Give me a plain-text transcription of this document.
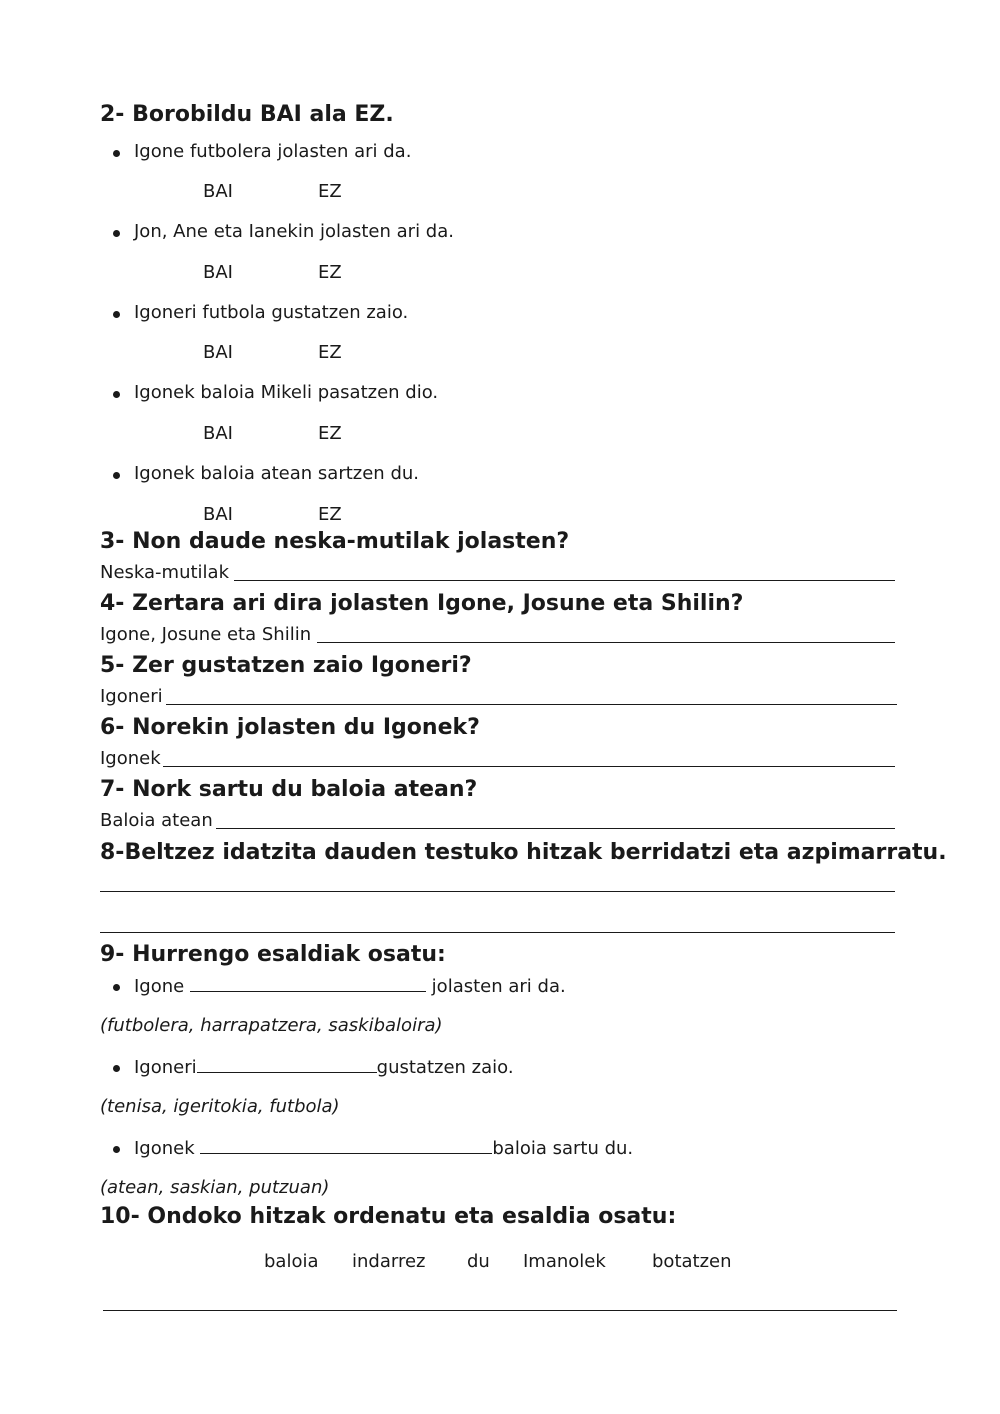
2- Borobildu BAI ala EZ.
Igone futbolera jolasten ari da.
BAI	EZ
Jon, Ane eta Ianekin jolasten ari da.
BAI	EZ
Igoneri futbola gustatzen zaio.
BAI	EZ
Igonek baloia Mikeli pasatzen dio.
BAI	EZ
Igonek baloia atean sartzen du.
BAI	EZ
3- Non daude neska-mutilak jolasten?
Neska-mutilak
4- Zertara ari dira jolasten Igone, Josune eta Shilin?
Igone, Josune eta Shilin
5- Zer gustatzen zaio Igoneri?
Igoneri
6- Norekin jolasten du Igonek?
Igonek
7- Nork sartu du baloia atean?
Baloia atean
8-Beltzez idatzita dauden testuko hitzak berridatzi eta azpimarratu.
9- Hurrengo esaldiak osatu:
Igone	jolasten ari da.
(futbolera, harrapatzera, saskibaloira)
Igoneri	gustatzen zaio.
(tenisa, igeritokia, futbola)
Igonek	baloia sartu du.
(atean, saskian, putzuan)
10- Ondoko hitzak ordenatu eta esaldia osatu:
baloia indarrez du Imanolek	botatzen
